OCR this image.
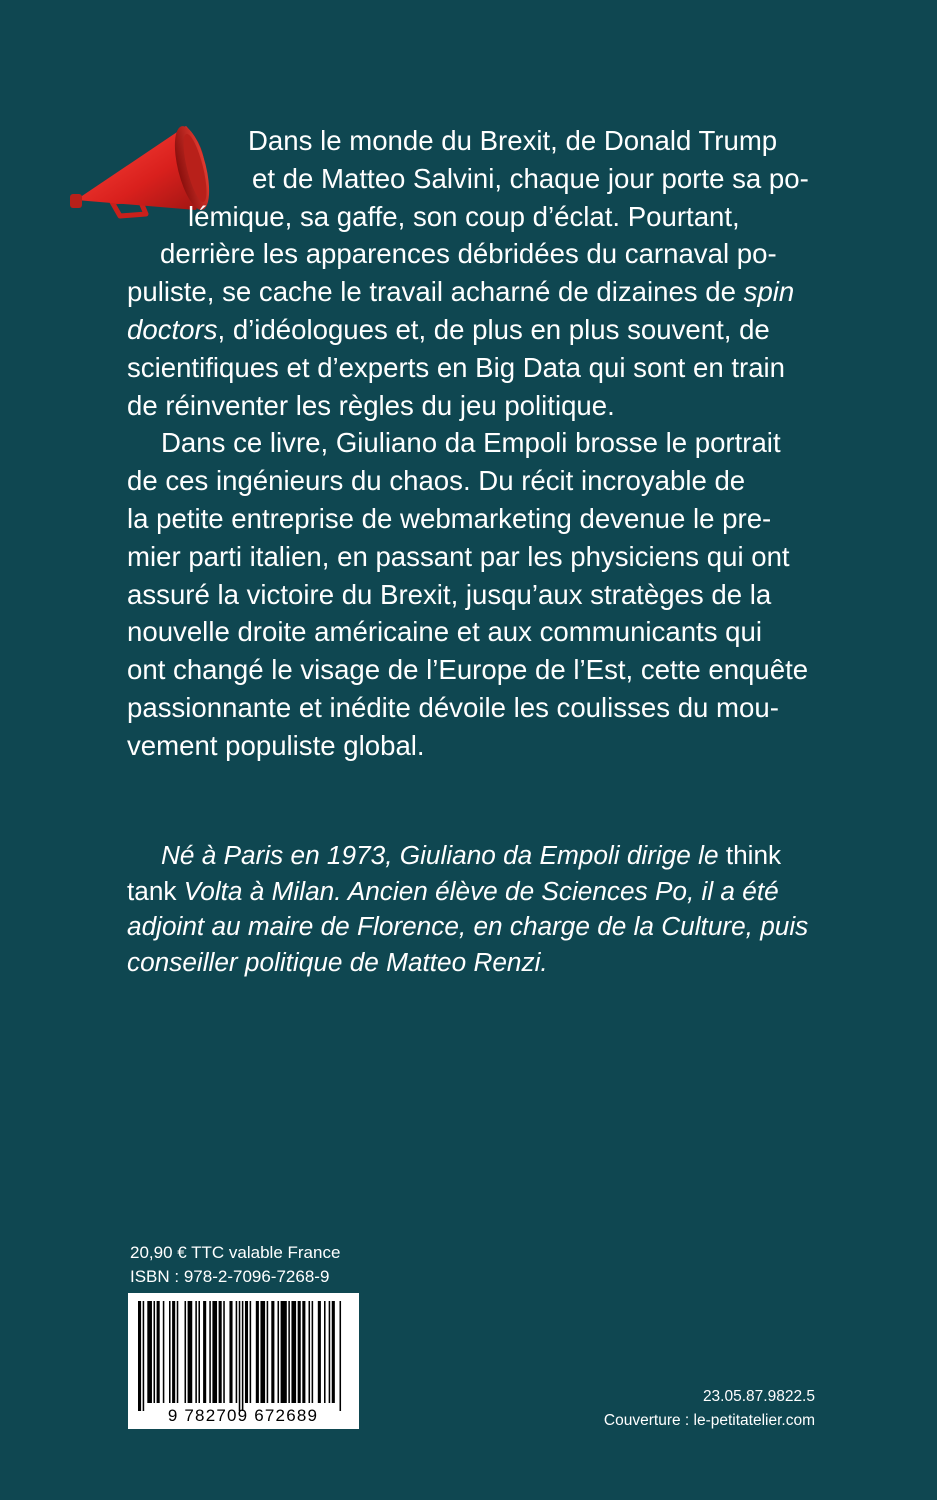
Dans le monde du Brexit, de Donald Trump
et de Matteo Salvini, chaque jour porte sa po-
lémique, sa gaffe, son coup d’éclat. Pourtant,
derrière les apparences débridées du carnaval po-
puliste, se cache le travail acharné de dizaines de spin
doctors, d’idéologues et, de plus en plus souvent, de
scientifiques et d’experts en Big Data qui sont en train
de réinventer les règles du jeu politique.

Dans ce livre, Giuliano da Empoli brosse le portrait
de ces ingénieurs du chaos. Du récit incroyable de
la petite entreprise de webmarketing devenue le pre-
mier parti italien, en passant par les physiciens qui ont
assuré la victoire du Brexit, jusqu’aux stratèges de la
nouvelle droite américaine et aux communicants qui
ont changé le visage de l’Europe de l’Est, cette enquête
passionnante et inédite dévoile les coulisses du mou-
vement populiste global.

Né à Paris en 1973, Giuliano da Empoli dirige le think
tank Volta à Milan. Ancien élève de Sciences Po, il a été
adjoint au maire de Florence, en charge de la Culture, puis
conseiller politique de Matteo Renzi.
20,90 € TTC valable France
ISBN : 978-2-7096-7268-9
9 782709 672689
23.05.87.9822.5
Couverture : le-petitatelier.com
